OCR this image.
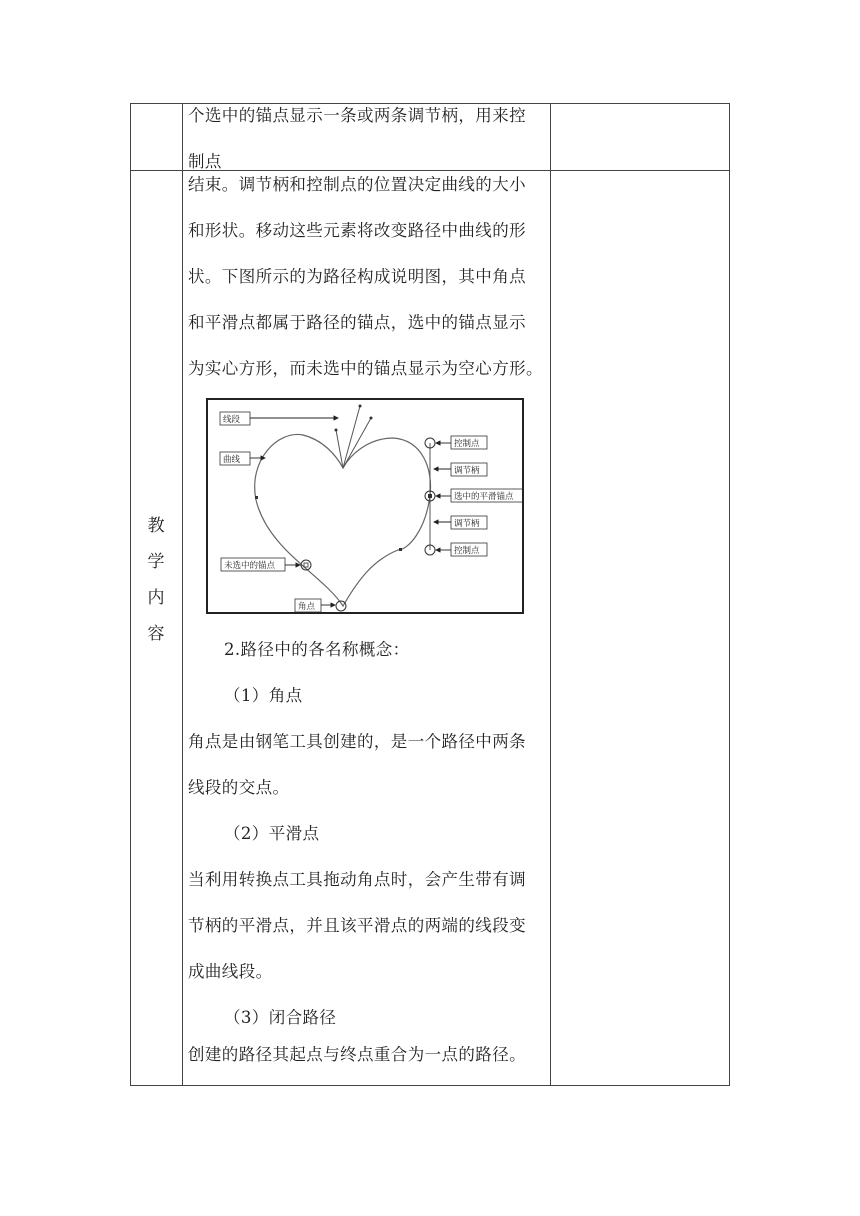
个选中的锚点显示一条或两条调节柄，用来控
制点
教
学
内
容
结束。调节柄和控制点的位置决定曲线的大小
和形状。移动这些元素将改变路径中曲线的形
状。下图所示的为路径构成说明图，其中角点
和平滑点都属于路径的锚点，选中的锚点显示
为实心方形，而未选中的锚点显示为空心方形。
线段
曲线
未选中的锚点
角点
控制点
调节柄
选中的平滑锚点
调节柄
控制点
2.路径中的各名称概念：
（1）角点
角点是由钢笔工具创建的，是一个路径中两条
线段的交点。
（2）平滑点
当利用转换点工具拖动角点时，会产生带有调
节柄的平滑点，并且该平滑点的两端的线段变
成曲线段。
（3）闭合路径
创建的路径其起点与终点重合为一点的路径。
